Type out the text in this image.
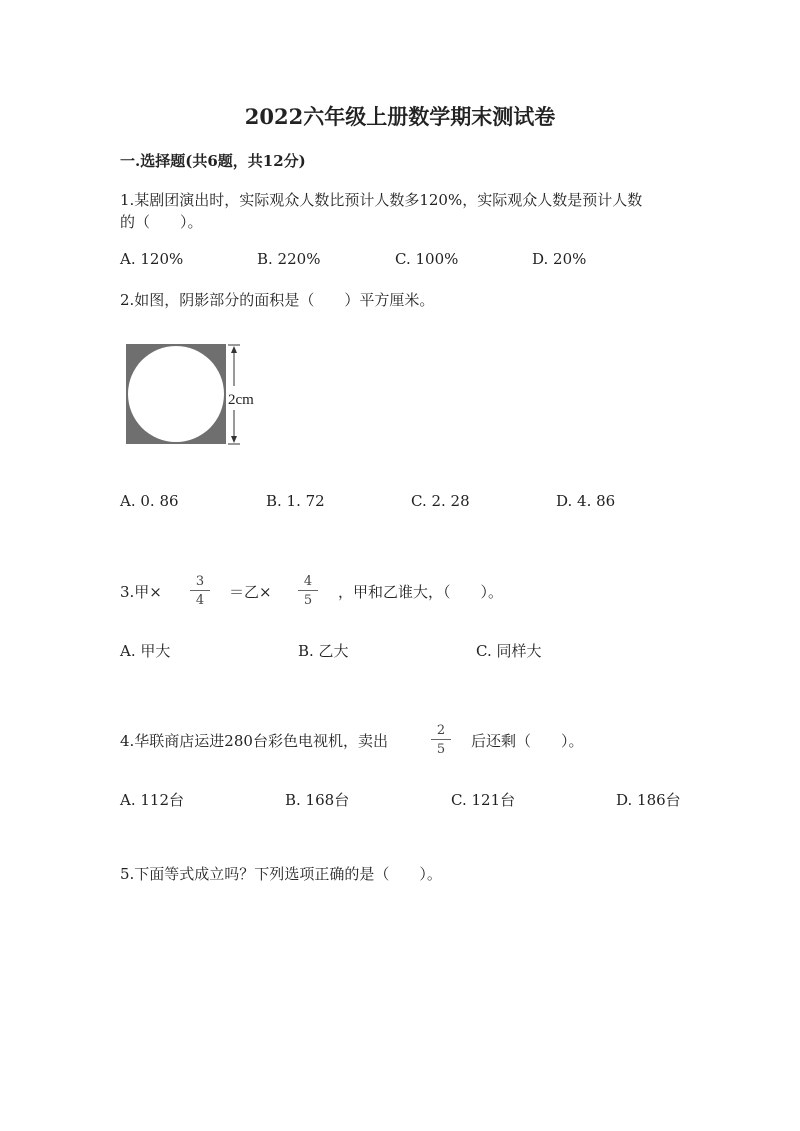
2022六年级上册数学期末测试卷
一.选择题(共6题，共12分)
1.某剧团演出时，实际观众人数比预计人数多120%，实际观众人数是预计人数
的（　　）。
A. 120%	B. 220%	C. 100%	D. 20%
2.如图，阴影部分的面积是（　　）平方厘米。
2cm
A. 0. 86	B. 1. 72	C. 2. 28	D. 4. 86
3.甲× $\frac{3}{4}$ ＝乙× $\frac{4}{5}$ ，甲和乙谁大，（　　）。
A. 甲大	B. 乙大	C. 同样大
4.华联商店运进280台彩色电视机，卖出	$\frac{2}{5}$ 后还剩（　　）。
A. 112台	B. 168台	C. 121台	D. 186台
5.下面等式成立吗？下列选项正确的是（　　）。
